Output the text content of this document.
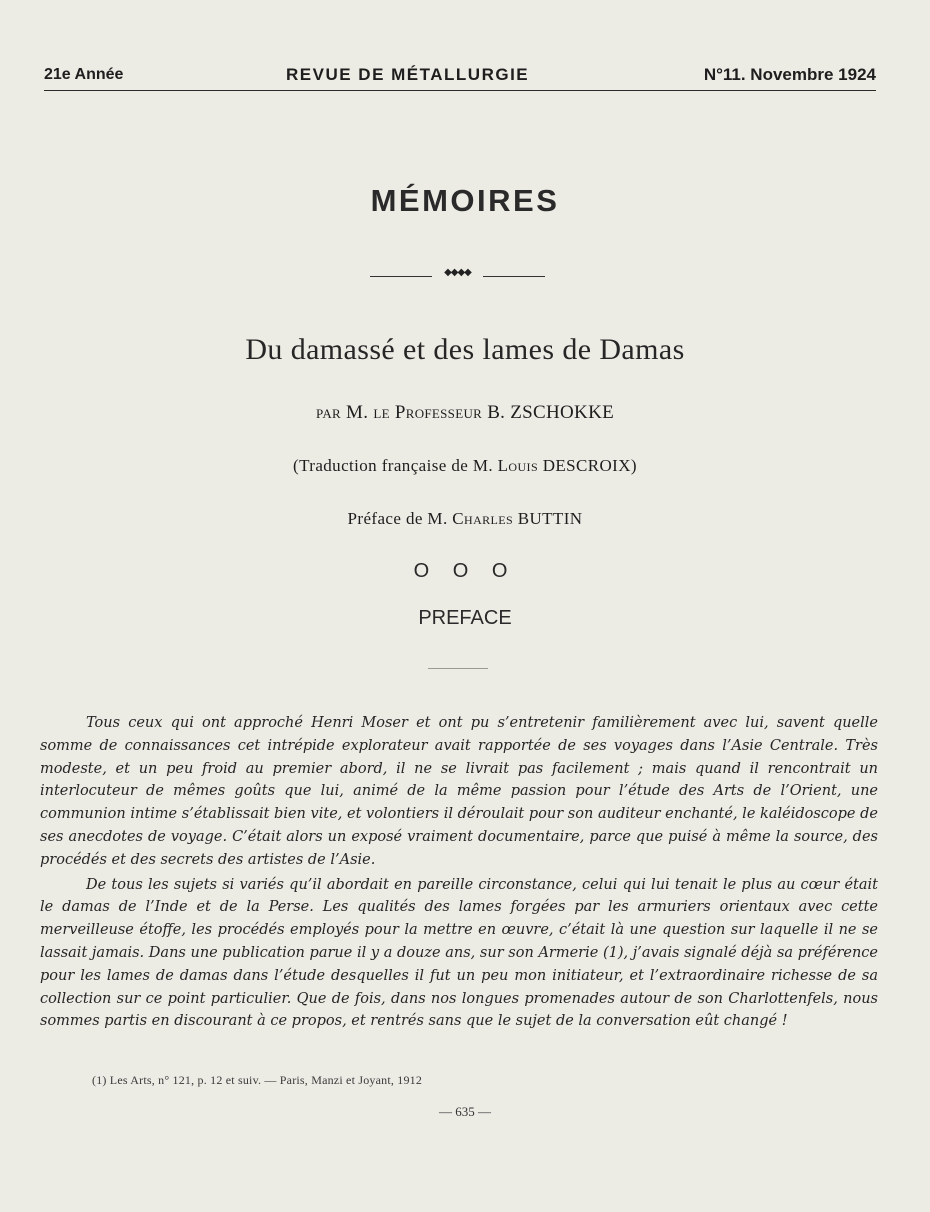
21e Année	REVUE DE MÉTALLURGIE	N°11. Novembre 1924
MÉMOIRES
◆◆◆◆
Du damassé et des lames de Damas
par M. le Professeur B. ZSCHOKKE
(Traduction française de M. Louis DESCROIX)
Préface de M. Charles BUTTIN
O O O
PREFACE

Tous ceux qui ont approché Henri Moser et ont pu s’entretenir familièrement avec lui, savent quelle somme de connaissances cet intrépide explorateur avait rapportée de ses voyages dans l’Asie Centrale. Très modeste, et un peu froid au premier abord, il ne se livrait pas facilement ; mais quand il rencontrait un interlocuteur de mêmes goûts que lui, animé de la même passion pour l’étude des Arts de l’Orient, une communion intime s’établissait bien vite, et volontiers il déroulait pour son auditeur enchanté, le kaléidoscope de ses anecdotes de voyage. C’était alors un exposé vraiment documentaire, parce que puisé à même la source, des procédés et des secrets des artistes de l’Asie.

De tous les sujets si variés qu’il abordait en pareille circonstance, celui qui lui tenait le plus au cœur était le damas de l’Inde et de la Perse. Les qualités des lames forgées par les armuriers orientaux avec cette merveilleuse étoffe, les procédés employés pour la mettre en œuvre, c’était là une question sur laquelle il ne se lassait jamais. Dans une publication parue il y a douze ans, sur son Armerie (1), j’avais signalé déjà sa préférence pour les lames de damas dans l’étude desquelles il fut un peu mon initiateur, et l’extraordinaire richesse de sa collection sur ce point particulier. Que de fois, dans nos longues promenades autour de son Charlottenfels, nous sommes partis en discourant à ce propos, et rentrés sans que le sujet de la conversation eût changé !

(1) Les Arts, n° 121, p. 12 et suiv. — Paris, Manzi et Joyant, 1912
— 635 —
